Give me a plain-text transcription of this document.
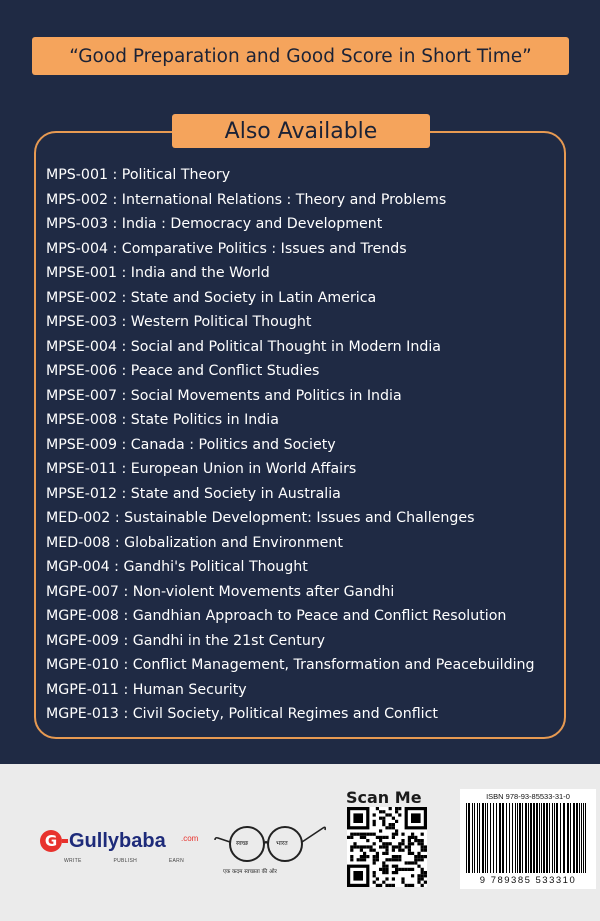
“Good Preparation and Good Score in Short Time”
Also Available
MPS-001 : Political Theory
MPS-002 : International Relations : Theory and Problems
MPS-003 : India : Democracy and Development
MPS-004 : Comparative Politics : Issues and Trends
MPSE-001 : India and the World
MPSE-002 : State and Society in Latin America
MPSE-003 : Western Political Thought
MPSE-004 : Social and Political Thought in Modern India
MPSE-006 : Peace and Conflict Studies
MPSE-007 : Social Movements and Politics in India
MPSE-008 : State Politics in India
MPSE-009 : Canada : Politics and Society
MPSE-011 : European Union in World Affairs
MPSE-012 : State and Society in Australia
MED-002 : Sustainable Development: Issues and Challenges
MED-008 : Globalization and Environment
MGP-004 : Gandhi's Political Thought
MGPE-007 : Non-violent Movements after Gandhi
MGPE-008 : Gandhian Approach to Peace and Conflict Resolution
MGPE-009 : Gandhi in the 21st Century
MGPE-010 : Conflict Management, Transformation and Peacebuilding
MGPE-011 : Human Security
MGPE-013 : Civil Society, Political Regimes and Conflict
G Gullybaba .com
WRITE	PUBLISH	EARN
स्वच्छ	भारत
एक कदम स्वच्छता की ओर
Scan Me	ISBN 978-93-85533-31-0
9 789385 533310
